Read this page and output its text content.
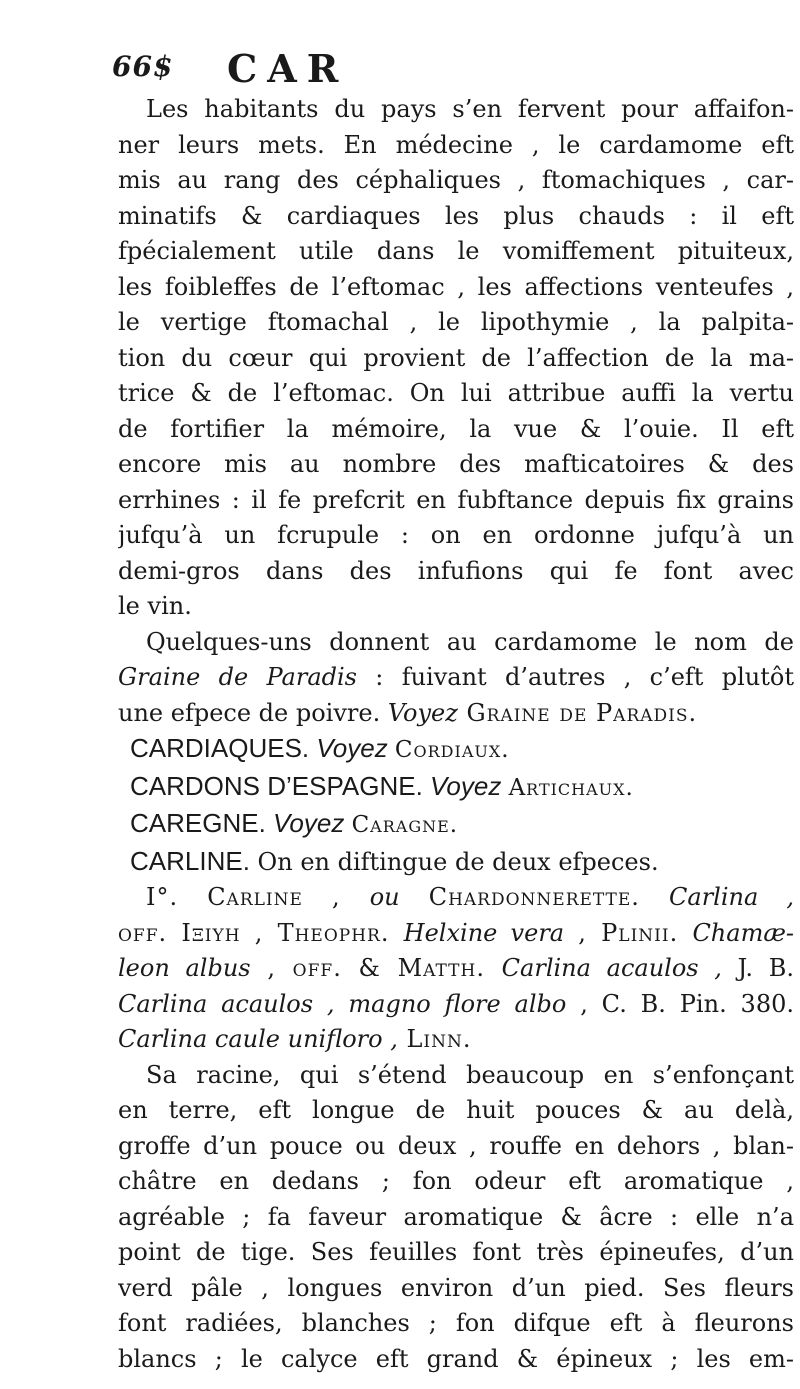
66$ CAR
Les habitants du pays s’en fervent pour affaifon-
ner leurs mets. En médecine , le cardamome eft
mis au rang des céphaliques , ftomachiques , car-
minatifs & cardiaques les plus chauds : il eft
fpécialement utile dans le vomiffement pituiteux,
les foibleffes de l’eftomac , les affections venteufes ,
le vertige ftomachal , le lipothymie , la palpita-
tion du cœur qui provient de l’affection de la ma-
trice & de l’eftomac. On lui attribue auffi la vertu
de fortifier la mémoire, la vue & l’ouie. Il eft
encore mis au nombre des mafticatoires & des
errhines : il fe prefcrit en fubftance depuis fix grains
jufqu’à un fcrupule : on en ordonne jufqu’à un
demi-gros dans des infufions qui fe font avec
le vin.
Quelques-uns donnent au cardamome le nom de
Graine de Paradis : fuivant d’autres , c’eft plutôt
une efpece de poivre. Voyez Graine de Paradis.
CARDIAQUES. Voyez Cordiaux.
CARDONS D’ESPAGNE. Voyez Artichaux.
CAREGNE. Voyez Caragne.
CARLINE. On en diftingue de deux efpeces.
I°. Carline , ou Chardonnerette. Carlina ,
off. Ιξιυη , Theophr. Helxine vera , Plinii. Chamæ-
leon albus , off. & Matth. Carlina acaulos , J. B.
Carlina acaulos , magno flore albo , C. B. Pin. 380.
Carlina caule unifloro , Linn.
Sa racine, qui s’étend beaucoup en s’enfonçant
en terre, eft longue de huit pouces & au delà,
groffe d’un pouce ou deux , rouffe en dehors , blan-
châtre en dedans ; fon odeur eft aromatique ,
agréable ; fa faveur aromatique & âcre : elle n’a
point de tige. Ses feuilles font très épineufes, d’un
verd pâle , longues environ d’un pied. Ses fleurs
font radiées, blanches ; fon difque eft à fleurons
blancs ; le calyce eft grand & épineux ; les em-
